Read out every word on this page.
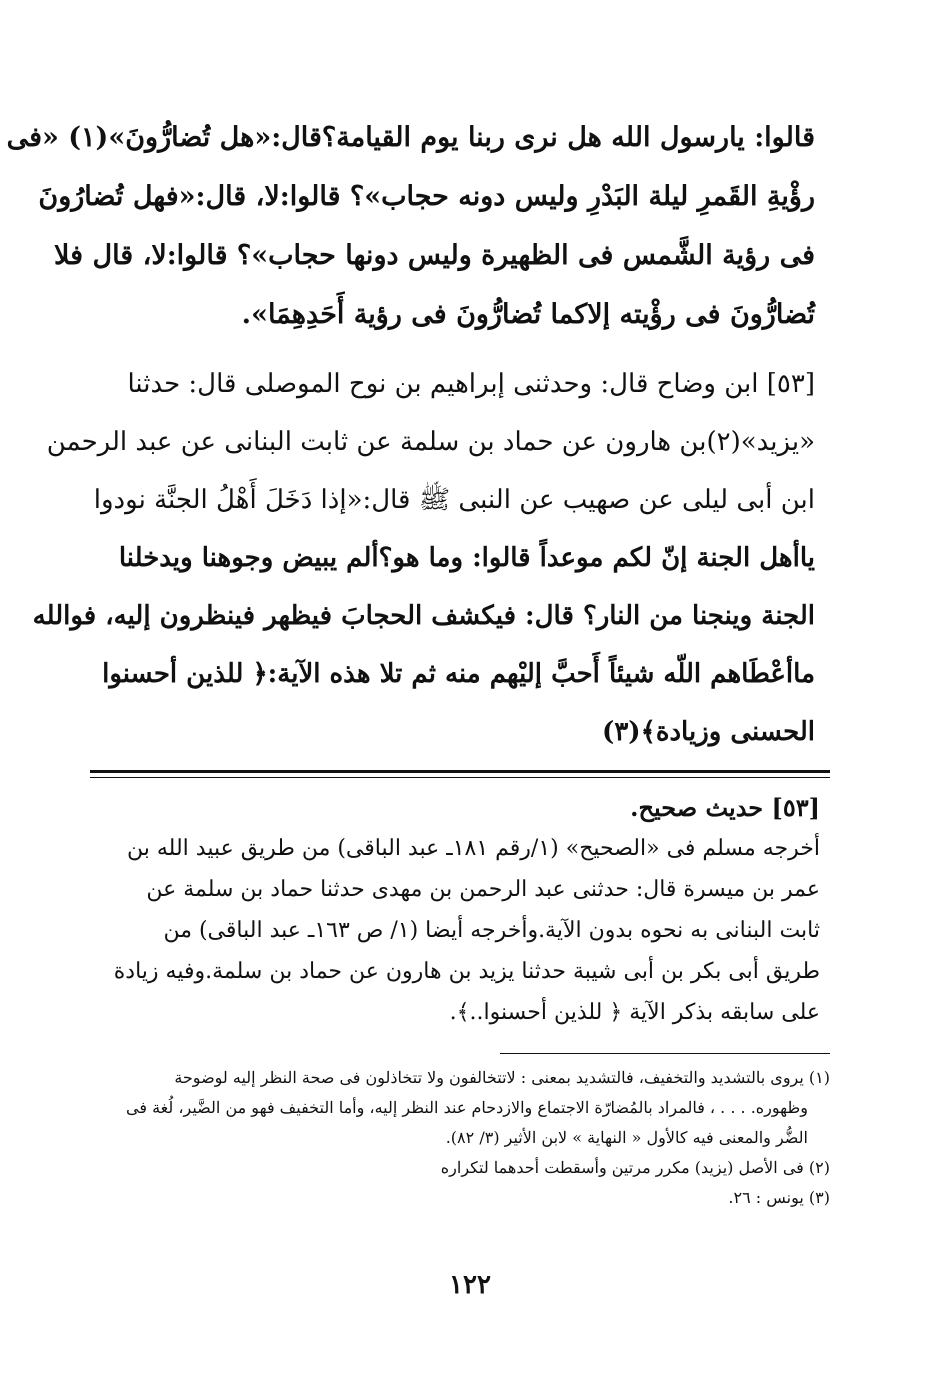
قالوا: يارسول الله هل نرى ربنا يوم القيامة؟قال:«هل تُضارُّونَ»(١) «فى
رؤْيةِ القَمرِ ليلة البَدْرِ وليس دونه حجاب»؟ قالوا:لا، قال:«فهل تُضارُونَ
فى رؤية الشَّمس فى الظهيرة وليس دونها حجاب»؟ قالوا:لا، قال فلا
تُضارُّونَ فى رؤْيته إلاكما تُضارُّونَ فى رؤية أَحَدِهِمَا».
[٥٣] ابن وضاح قال: وحدثنى إبراهيم بن نوح الموصلى قال: حدثنا
«يزيد»(٢)بن هارون عن حماد بن سلمة عن ثابت البنانى عن عبد الرحمن
ابن أبى ليلى عن صهيب عن النبى ﷺ قال:«إذا دَخَلَ أَهْلُ الجنَّة نودوا
ياأهل الجنة إنّ لكم موعداً قالوا: وما هو؟ألم يبيض وجوهنا ويدخلنا
الجنة وينجنا من النار؟ قال: فيكشف الحجابَ فيظهر فينظرون إليه، فوالله
ماأعْطَاهم اللّه شيئاً أَحبَّ إليْهم منه ثم تلا هذه الآية:﴿ للذين أحسنوا
الحسنى وزيادة﴾(٣)
[٥٣] حديث صحيح.
أخرجه مسلم فى «الصحيح» (١/رقم ١٨١ـ عبد الباقى) من طريق عبيد الله بن
عمر بن ميسرة قال: حدثنى عبد الرحمن بن مهدى حدثنا حماد بن سلمة عن
ثابت البنانى به نحوه بدون الآية.وأخرجه أيضا (١/ ص ١٦٣ـ عبد الباقى) من
طريق أبى بكر بن أبى شيبة حدثنا يزيد بن هارون عن حماد بن سلمة.وفيه زيادة
على سابقه بذكر الآية ﴿ للذين أحسنوا..﴾.
(١) يروى بالتشديد والتخفيف، فالتشديد بمعنى : لاتتخالفون ولا تتخاذلون فى صحة النظر إليه لوضوحة
وظهوره. . . . ، فالمراد بالمُضارّة الاجتماع والازدحام عند النظر إليه، وأما التخفيف فهو من الضَّير، لُغة فى
الضُّر والمعنى فيه كالأول « النهاية » لابن الأثير (٣/ ٨٢).
(٢) فى الأصل (يزيد) مكرر مرتين وأسقطت أحدهما لتكراره
(٣) يونس : ٢٦.
١٢٢
